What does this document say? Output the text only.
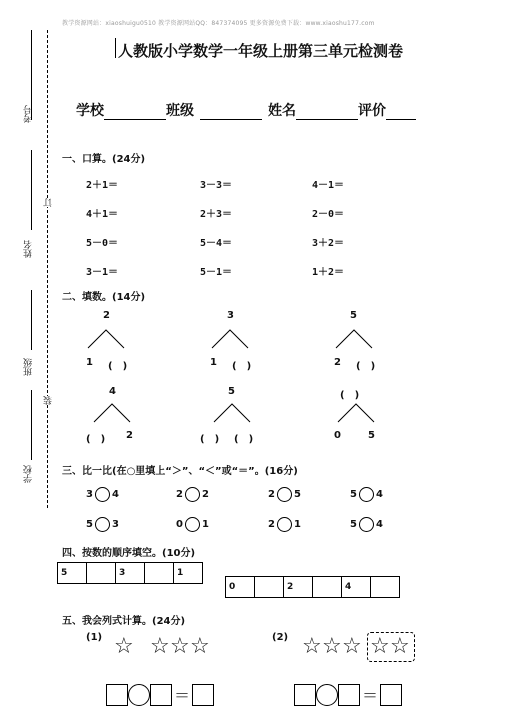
教学资源网站：xiaoshuigu0510 教学资源网站QQ：847374095 更多资源免费下载：www.xiaoshu177.com
人教版小学数学一年级上册第三单元检测卷
考号
姓名
班级
学校
订
装
学校	班级	姓名	评价
一、口算。(24分)
2＋1＝	3－3＝	4－1＝
4＋1＝	2＋3＝	2－0＝
5－0＝	5－4＝	3＋2＝
3－1＝	5－1＝	1＋2＝
二、填数。(14分)
2
1 (　)
3
1 (　)
5
2 (　)
4
(　) 2
5
(　) (　)
(　)
0	5
三、比一比(在○里填上“＞”、“＜”或“＝”。(16分)
3 4	2 2	2 5	5 4
5 3	0 1	2 1	5 4
四、按数的顺序填空。(10分)
5		3		1
0		2		4	
五、我会列式计算。(24分)
(1) ☆ ☆ ☆ ☆	(2) ☆ ☆ ☆ ☆ ☆
＝	＝
